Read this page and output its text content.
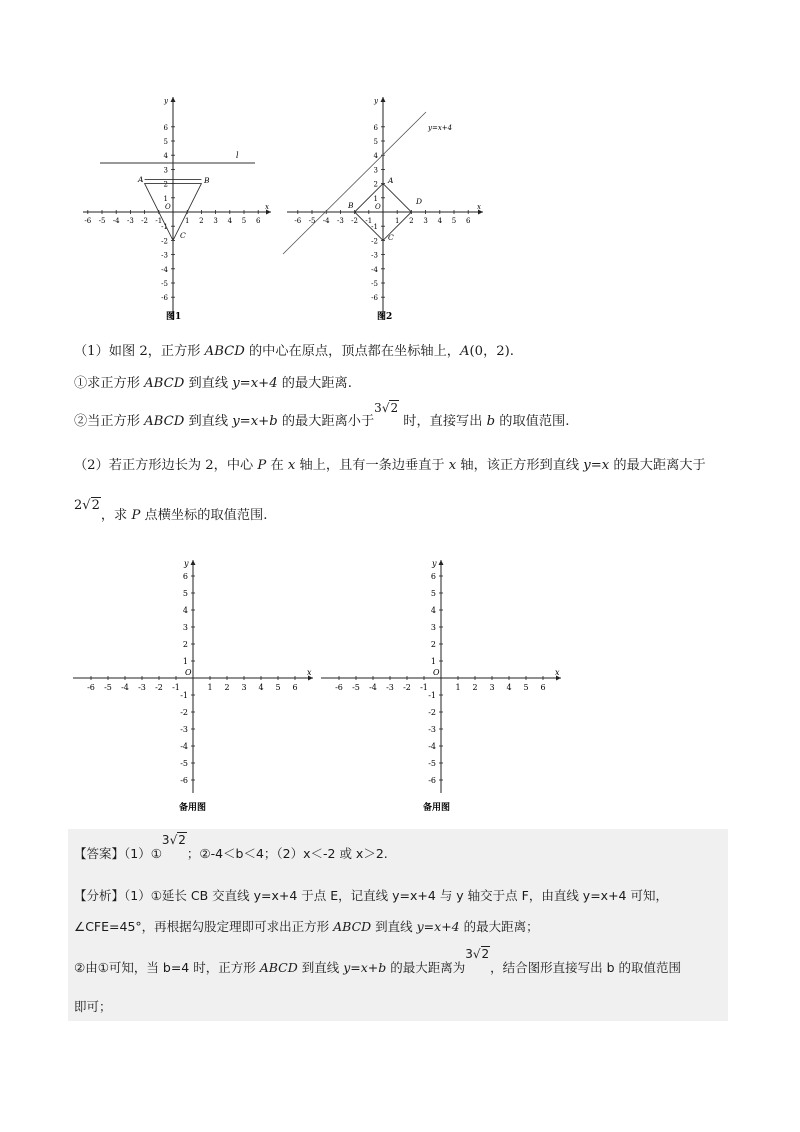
x
y
O
-6 -5 -4 -3 -2 -1	1 2 3 4 5 6
6
5
4
3
2
1
-1
-2
-3
-4
-5
-6
l
A	B
C
图1
x
y
O
-6 -5 -4 -3 -2 -1	1 2 3 4 5 6
6
5
4
3
2
1
-1
-2
-3
-4
-5
-6
y=x+4
A
B
C
D
图2
（1）如图 2，正方形 ABCD 的中心在原点，顶点都在坐标轴上，A(0，2).
①求正方形 ABCD 到直线 y=x+4 的最大距离.
②当正方形 ABCD 到直线 y=x+b 的最大距离小于3√2 时，直接写出 b 的取值范围.
（2）若正方形边长为 2，中心 P 在 x 轴上，且有一条边垂直于 x 轴，该正方形到直线 y=x 的最大距离大于
2√2，求 P 点横坐标的取值范围.
x
y
O
-6 -5 -4 -3 -2 -1	1 2 3 4 5 6
6
5
4
3
2
1
-1
-2
-3
-4
-5
-6
备用图
x
y
O
-6 -5 -4 -3 -2 -1	1 2 3 4 5 6
6
5
4
3
2
1
-1
-2
-3
-4
-5
-6
备用图
【答案】（1）①3√2；②-4＜b＜4；（2）x＜-2 或 x＞2.
【分析】（1）①延长 CB 交直线 y=x+4 于点 E，记直线 y=x+4 与 y 轴交于点 F，由直线 y=x+4 可知，
∠CFE=45°，再根据勾股定理即可求出正方形 ABCD 到直线 y=x+4 的最大距离；
②由①可知，当 b=4 时，正方形 ABCD 到直线 y=x+b 的最大距离为3√2，结合图形直接写出 b 的取值范围
即可；
